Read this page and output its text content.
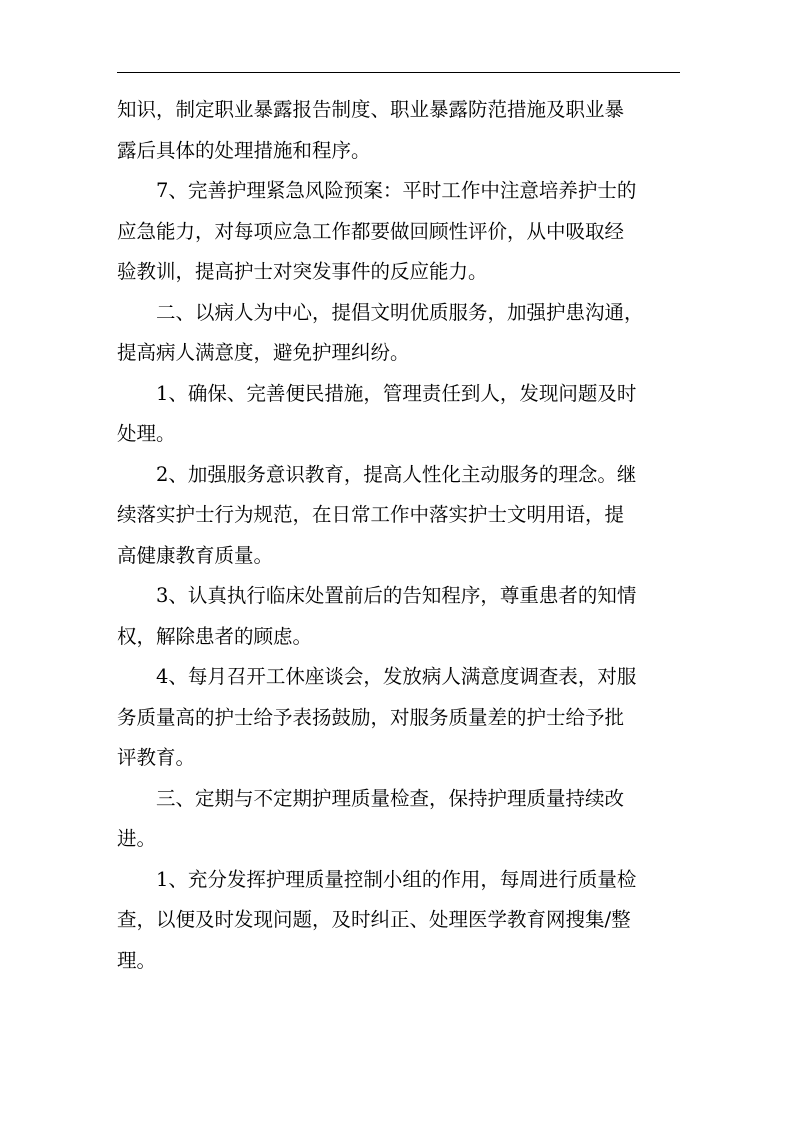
知识，制定职业暴露报告制度、职业暴露防范措施及职业暴
露后具体的处理措施和程序。

7、完善护理紧急风险预案：平时工作中注意培养护士的
应急能力，对每项应急工作都要做回顾性评价，从中吸取经
验教训，提高护士对突发事件的反应能力。

二、以病人为中心，提倡文明优质服务，加强护患沟通，
提高病人满意度，避免护理纠纷。

1、确保、完善便民措施，管理责任到人，发现问题及时
处理。

2、加强服务意识教育，提高人性化主动服务的理念。继
续落实护士行为规范，在日常工作中落实护士文明用语，提
高健康教育质量。

3、认真执行临床处置前后的告知程序，尊重患者的知情
权，解除患者的顾虑。

4、每月召开工休座谈会，发放病人满意度调查表，对服
务质量高的护士给予表扬鼓励，对服务质量差的护士给予批
评教育。

三、定期与不定期护理质量检查，保持护理质量持续改
进。

1、充分发挥护理质量控制小组的作用，每周进行质量检
查，以便及时发现问题，及时纠正、处理医学教育网搜集/整
理。
